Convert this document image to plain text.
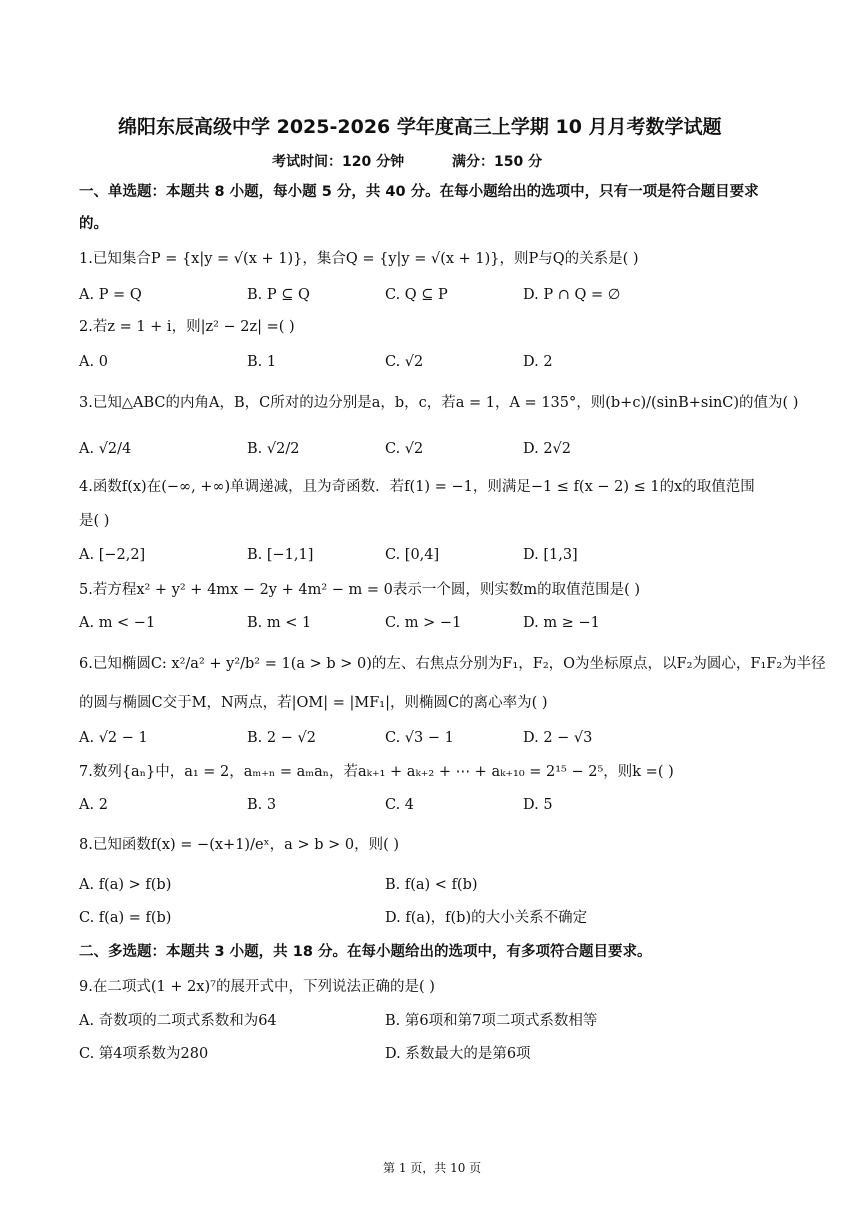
绵阳东辰高级中学 2025-2026 学年度高三上学期 10 月月考数学试题
考试时间：120 分钟	满分：150 分
一、单选题：本题共 8 小题，每小题 5 分，共 40 分。在每小题给出的选项中，只有一项是符合题目要求
的。
1.已知集合P = {x|y = √(x + 1)}，集合Q = {y|y = √(x + 1)}，则P与Q的关系是( )
A. P = Q	B. P ⊆ Q	C. Q ⊆ P	D. P ∩ Q = ∅
2.若z = 1 + i，则|z² − 2z| =( )
A. 0	B. 1	C. √2	D. 2
3.已知△ABC的内角A，B，C所对的边分别是a，b，c，若a = 1，A = 135°，则(b+c)/(sinB+sinC)的值为( )
A. √2/4	B. √2/2	C. √2	D. 2√2
4.函数f(x)在(−∞, +∞)单调递减，且为奇函数．若f(1) = −1，则满足−1 ≤ f(x − 2) ≤ 1的x的取值范围
是( )
A. [−2,2]	B. [−1,1]	C. [0,4]	D. [1,3]
5.若方程x² + y² + 4mx − 2y + 4m² − m = 0表示一个圆，则实数m的取值范围是( )
A. m < −1	B. m < 1	C. m > −1	D. m ≥ −1
6.已知椭圆C: x²/a² + y²/b² = 1(a > b > 0)的左、右焦点分别为F₁，F₂，O为坐标原点，以F₂为圆心，F₁F₂为半径
的圆与椭圆C交于M，N两点，若|OM| = |MF₁|，则椭圆C的离心率为( )
A. √2 − 1	B. 2 − √2	C. √3 − 1	D. 2 − √3
7.数列{aₙ}中，a₁ = 2，aₘ₊ₙ = aₘaₙ，若aₖ₊₁ + aₖ₊₂ + ⋯ + aₖ₊₁₀ = 2¹⁵ − 2⁵，则k =( )
A. 2	B. 3	C. 4	D. 5
8.已知函数f(x) = −(x+1)/eˣ，a > b > 0，则( )
A. f(a) > f(b)	B. f(a) < f(b)
C. f(a) = f(b)	D. f(a)，f(b)的大小关系不确定
二、多选题：本题共 3 小题，共 18 分。在每小题给出的选项中，有多项符合题目要求。
9.在二项式(1 + 2x)⁷的展开式中，下列说法正确的是( )
A. 奇数项的二项式系数和为64	B. 第6项和第7项二项式系数相等
C. 第4项系数为280	D. 系数最大的是第6项
第 1 页，共 10 页
